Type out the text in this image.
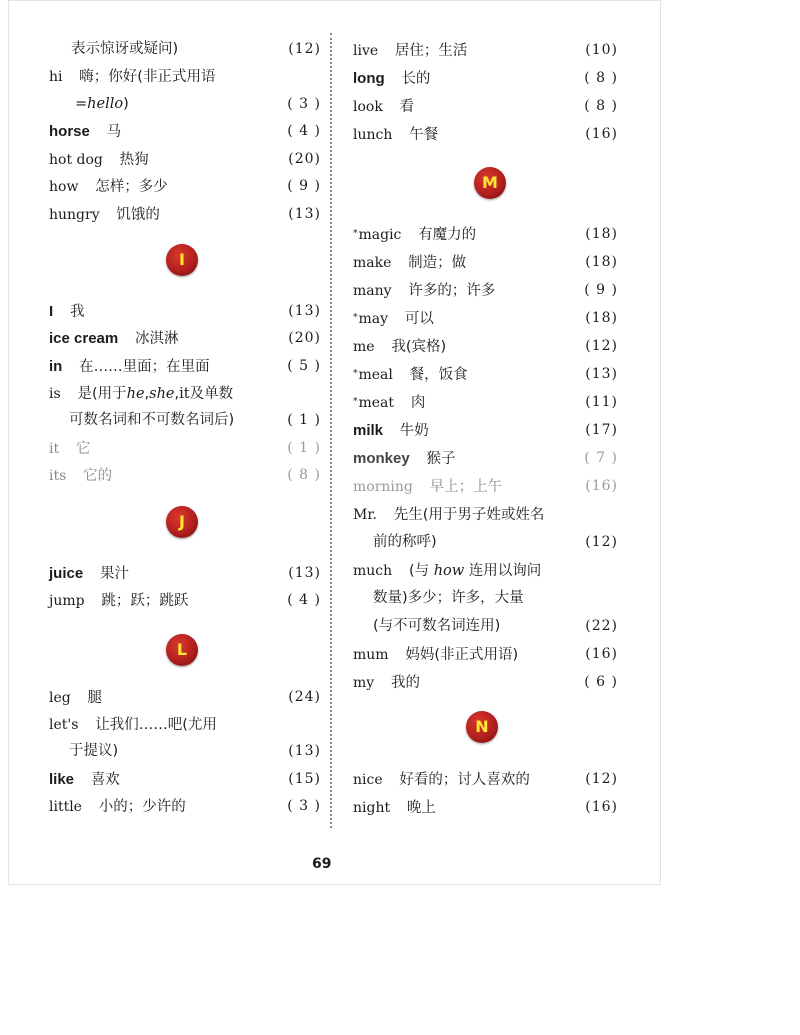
表示惊讶或疑问)	(12)
hi 嗨；你好(非正式用语
=hello)	( 3 )
horse 马	( 4 )
hot dog 热狗	(20)
how 怎样；多少	( 9 )
hungry 饥饿的	(13)
I
I 我	(13)
ice cream 冰淇淋	(20)
in 在……里面；在里面	( 5 )
is 是(用于he,she,it及单数
可数名词和不可数名词后)	( 1 )
it 它	( 1 )
its 它的	( 8 )
J
juice 果汁	(13)
jump 跳；跃；跳跃	( 4 )
L
leg 腿	(24)
let's 让我们……吧(尤用
于提议)	(13)
like 喜欢	(15)
little 小的；少许的	( 3 )
live 居住；生活	(10)
long 长的	( 8 )
look 看	( 8 )
lunch 午餐	(16)
M
*magic 有魔力的	(18)
make 制造；做	(18)
many 许多的；许多	( 9 )
*may 可以	(18)
me 我(宾格)	(12)
*meal 餐，饭食	(13)
*meat 肉	(11)
milk 牛奶	(17)
monkey 猴子	( 7 )
morning 早上；上午	(16)
Mr. 先生(用于男子姓或姓名
前的称呼)	(12)
much (与 how 连用以询问
数量)多少；许多，大量
(与不可数名词连用)	(22)
mum 妈妈(非正式用语)	(16)
my 我的	( 6 )
N
nice 好看的；讨人喜欢的	(12)
night 晚上	(16)
69
